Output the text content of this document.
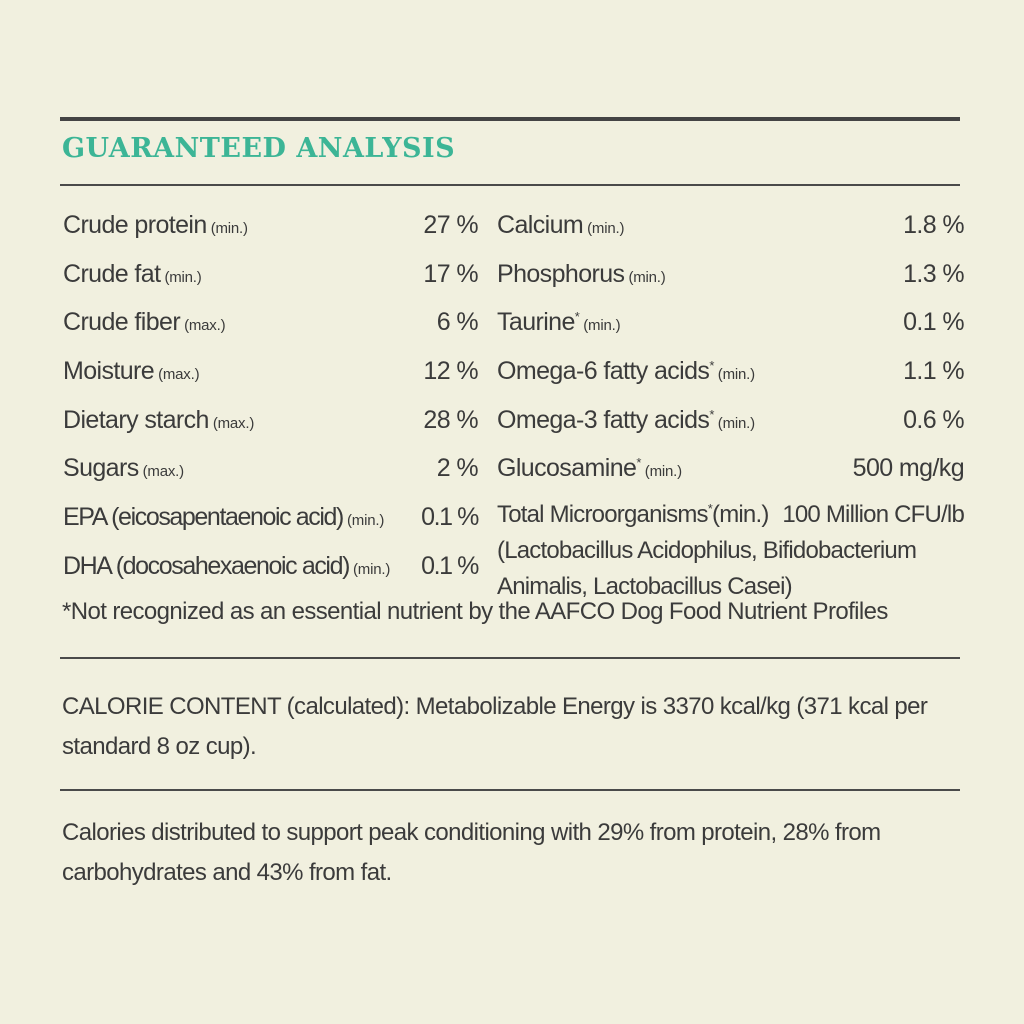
GUARANTEED ANALYSIS
Crude protein (min.)	27 %
Crude fat (min.)	17 %
Crude fiber (max.)	6 %
Moisture (max.)	12 %
Dietary starch (max.)	28 %
Sugars (max.)	2 %
EPA (eicosapentaenoic acid) (min.) 0.1 %
DHA (docosahexaenoic acid) (min.) 0.1 %
Calcium (min.)	1.8 %
Phosphorus (min.)	1.3 %
Taurine*(min.)	0.1 %
Omega-6 fatty acids*(min.)	1.1 %
Omega-3 fatty acids*(min.)	0.6 %
Glucosamine*(min.)	500 mg/kg
Total Microorganisms*(min.) 100 Million CFU/lb
(Lactobacillus Acidophilus, Bifidobacterium
Animalis, Lactobacillus Casei)

*Not recognized as an essential nutrient by the AAFCO Dog Food Nutrient Profiles

CALORIE CONTENT (calculated): Metabolizable Energy is 3370 kcal/kg (371 kcal per standard 8 oz cup).

Calories distributed to support peak conditioning with 29% from protein, 28% from carbohydrates and 43% from fat.
